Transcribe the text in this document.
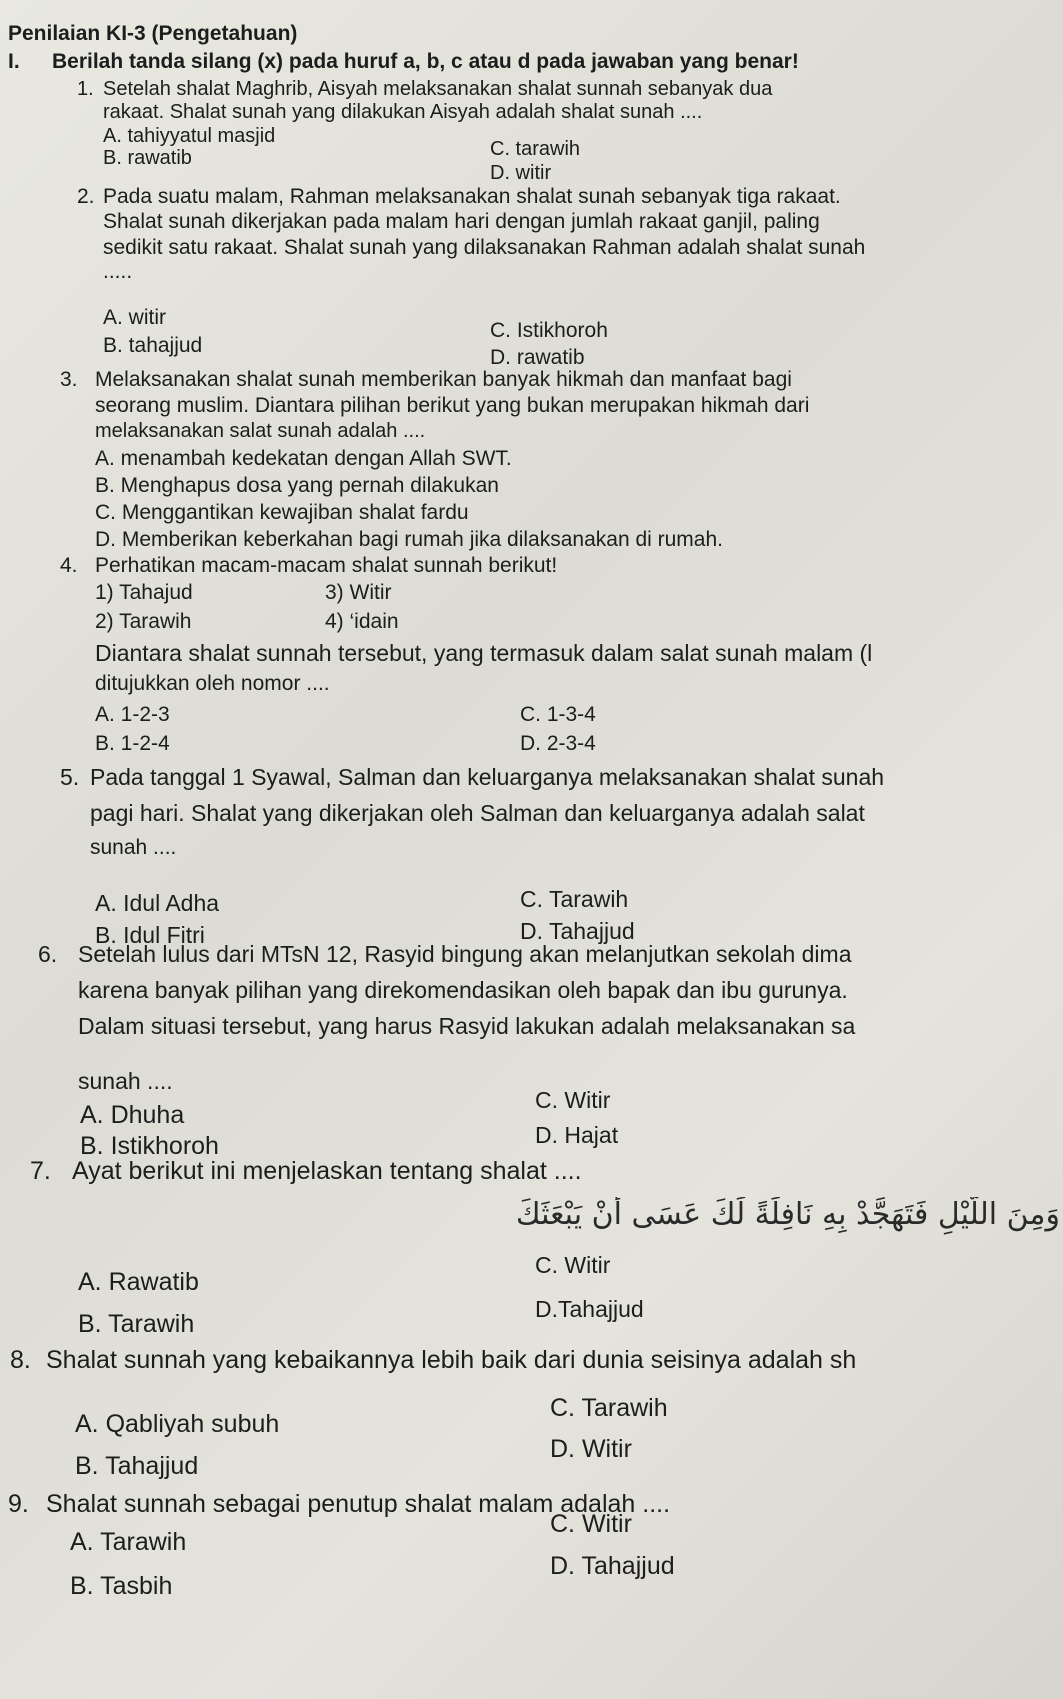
Penilaian KI-3 (Pengetahuan)
I. Berilah tanda silang (x) pada huruf a, b, c atau d pada jawaban yang benar!
1. Setelah shalat Maghrib, Aisyah melaksanakan shalat sunnah sebanyak dua
rakaat. Shalat sunah yang dilakukan Aisyah adalah shalat sunah ....
A. tahiyyatul masjid
B. rawatib	C. tarawih
D. witir
2. Pada suatu malam, Rahman melaksanakan shalat sunah sebanyak tiga rakaat.
Shalat sunah dikerjakan pada malam hari dengan jumlah rakaat ganjil, paling
sedikit satu rakaat. Shalat sunah yang dilaksanakan Rahman adalah shalat sunah
.....
A. witir
B. tahajjud
C. Istikhoroh
D. rawatib
3. Melaksanakan shalat sunah memberikan banyak hikmah dan manfaat bagi
seorang muslim. Diantara pilihan berikut yang bukan merupakan hikmah dari
melaksanakan salat sunah adalah ....
A. menambah kedekatan dengan Allah SWT.
B. Menghapus dosa yang pernah dilakukan
C. Menggantikan kewajiban shalat fardu
D. Memberikan keberkahan bagi rumah jika dilaksanakan di rumah.
4. Perhatikan macam-macam shalat sunnah berikut!
1) Tahajud	3) Witir
2) Tarawih	4) ‘idain
Diantara shalat sunnah tersebut, yang termasuk dalam salat sunah malam (l
ditujukkan oleh nomor ....
A. 1-2-3
B. 1-2-4
C. 1-3-4
D. 2-3-4
5. Pada tanggal 1 Syawal, Salman dan keluarganya melaksanakan shalat sunah
pagi hari. Shalat yang dikerjakan oleh Salman dan keluarganya adalah salat
sunah ....
A. Idul Adha
B. Idul Fitri
C. Tarawih
D. Tahajjud
6. Setelah lulus dari MTsN 12, Rasyid bingung akan melanjutkan sekolah dima
karena banyak pilihan yang direkomendasikan oleh bapak dan ibu gurunya.
Dalam situasi tersebut, yang harus Rasyid lakukan adalah melaksanakan sa
sunah ....
A. Dhuha
B. Istikhoroh
C. Witir
D. Hajat
7. Ayat berikut ini menjelaskan tentang shalat ....
وَمِنَ اللَّيْلِ فَتَهَجَّدْ بِهِ نَافِلَةً لَكَ عَسَى أَنْ يَبْعَثَكَ
A. Rawatib
B. Tarawih
C. Witir
D.Tahajjud
8. Shalat sunnah yang kebaikannya lebih baik dari dunia seisinya adalah sh
A. Qabliyah subuh
B. Tahajjud
C. Tarawih
D. Witir
9. Shalat sunnah sebagai penutup shalat malam adalah ....
A. Tarawih
B. Tasbih
C. Witir
D. Tahajjud
